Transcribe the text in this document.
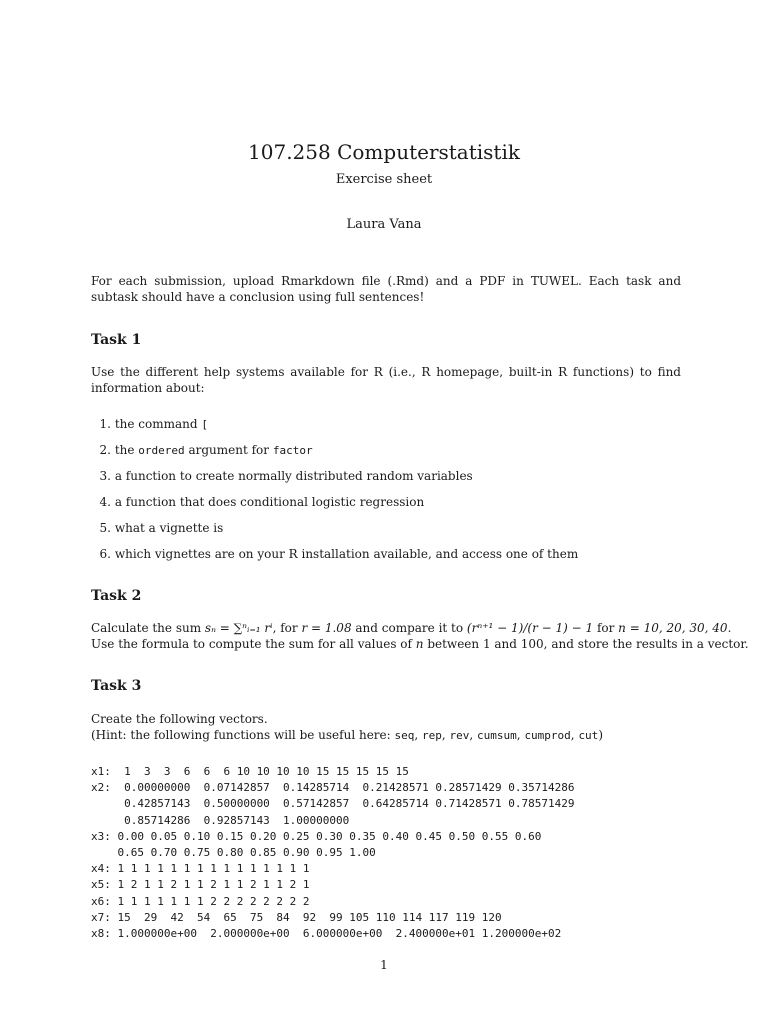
107.258 Computerstatistik
Exercise sheet
Laura Vana
For each submission, upload Rmarkdown file (.Rmd) and a PDF in TUWEL. Each task and subtask should have a conclusion using full sentences!
Task 1
Use the different help systems available for R (i.e., R homepage, built-in R functions) to find information about:
1. the command [
2. the ordered argument for factor
3. a function to create normally distributed random variables
4. a function that does conditional logistic regression
5. what a vignette is
6. which vignettes are on your R installation available, and access one of them
Task 2
Calculate the sum sₙ = ∑ⁿᵢ₌₁ rⁱ, for r = 1.08 and compare it to (rⁿ⁺¹ − 1)/(r − 1) − 1 for n = 10, 20, 30, 40.
Use the formula to compute the sum for all values of n between 1 and 100, and store the results in a vector.
Task 3
Create the following vectors.
(Hint: the following functions will be useful here: seq, rep, rev, cumsum, cumprod, cut)
x1:  1  3  3  6  6  6 10 10 10 10 15 15 15 15 15
x2:  0.00000000  0.07142857  0.14285714  0.21428571 0.28571429 0.35714286
0.42857143  0.50000000  0.57142857  0.64285714 0.71428571 0.78571429
0.85714286  0.92857143  1.00000000
x3: 0.00 0.05 0.10 0.15 0.20 0.25 0.30 0.35 0.40 0.45 0.50 0.55 0.60
0.65 0.70 0.75 0.80 0.85 0.90 0.95 1.00
x4: 1 1 1 1 1 1 1 1 1 1 1 1 1 1 1
x5: 1 2 1 1 2 1 1 2 1 1 2 1 1 2 1
x6: 1 1 1 1 1 1 1 2 2 2 2 2 2 2 2
x7: 15  29  42  54  65  75  84  92  99 105 110 114 117 119 120
x8: 1.000000e+00  2.000000e+00  6.000000e+00  2.400000e+01 1.200000e+02
1
